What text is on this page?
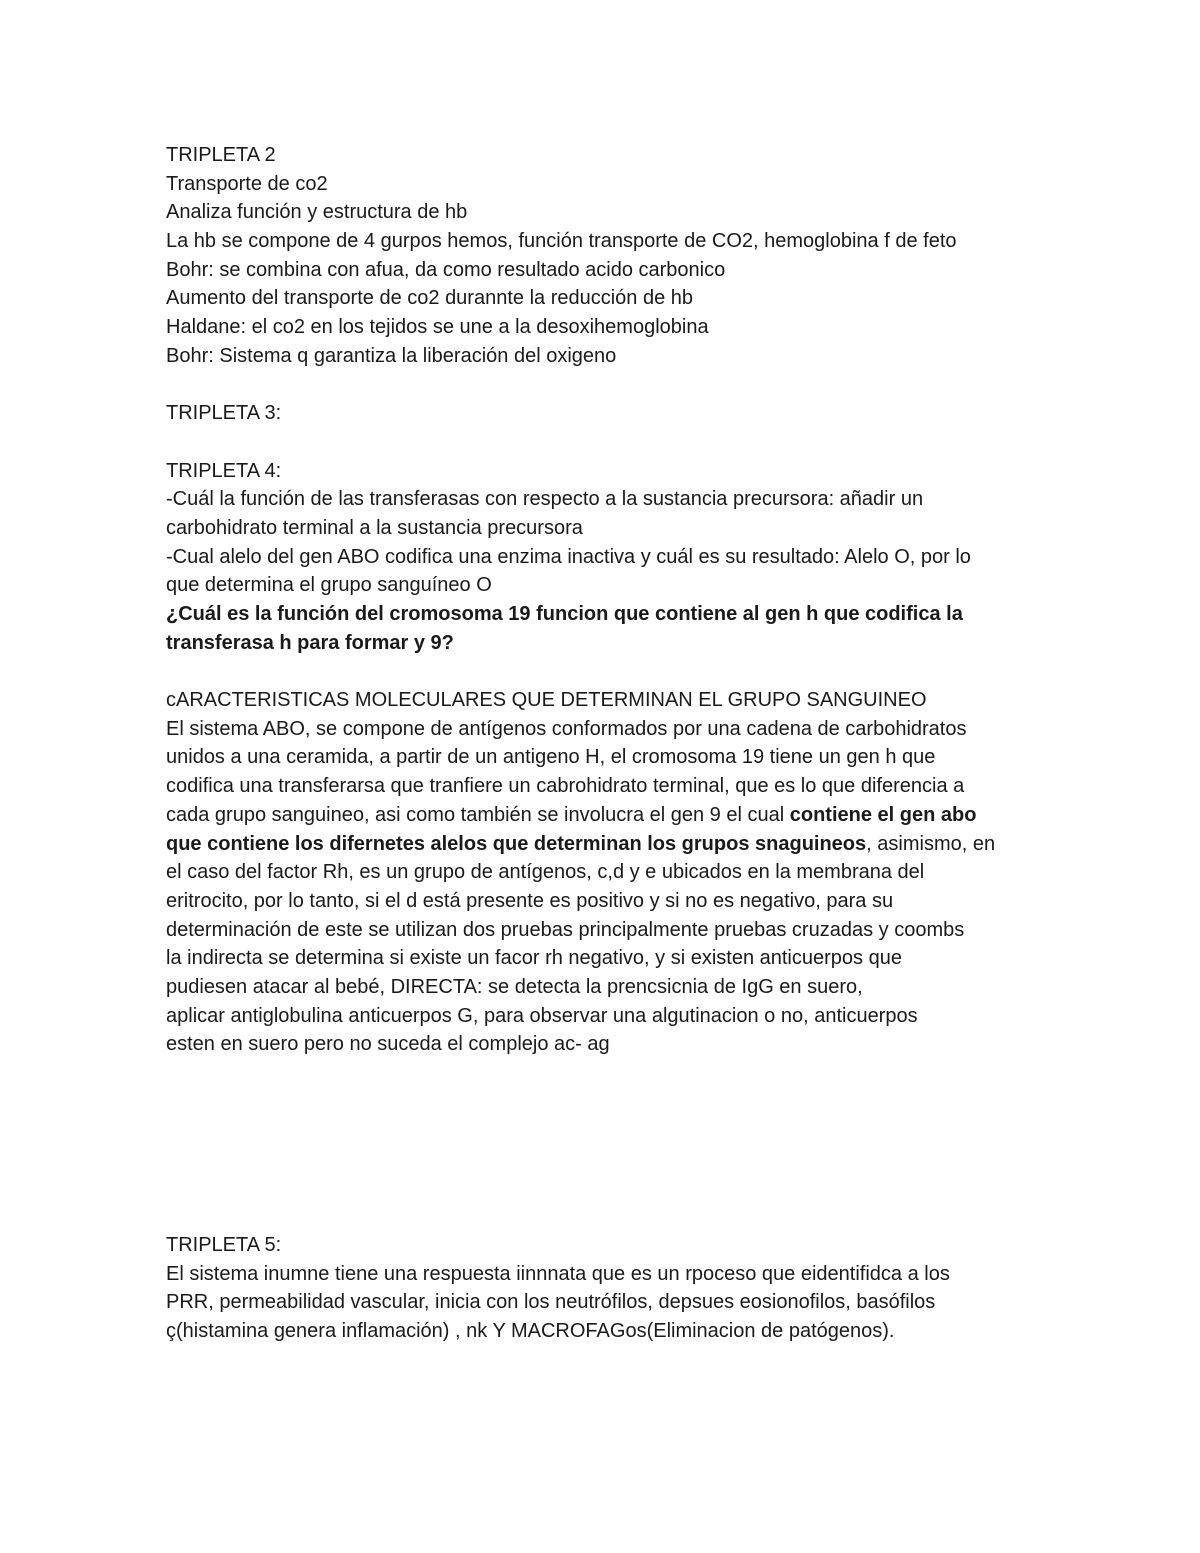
TRIPLETA 2
Transporte de co2
Analiza función y estructura de hb
La hb se compone de 4 gurpos hemos, función transporte de CO2, hemoglobina f de feto
Bohr: se combina con afua, da como resultado acido carbonico
Aumento del transporte de co2 durannte la reducción de hb
Haldane: el co2 en los tejidos se une a la desoxihemoglobina
Bohr: Sistema q garantiza la liberación del oxigeno
TRIPLETA 3:
TRIPLETA 4:
-Cuál la función de las transferasas con respecto a la sustancia precursora: añadir un
carbohidrato terminal a la sustancia precursora
-Cual alelo del gen ABO codifica una enzima inactiva y cuál es su resultado: Alelo O, por lo
que determina el grupo sanguíneo O
¿Cuál es la función del cromosoma 19 funcion que contiene al gen h que codifica la
transferasa h para formar y 9?
cARACTERISTICAS MOLECULARES QUE DETERMINAN EL GRUPO SANGUINEO
El sistema ABO, se compone de antígenos conformados por una cadena de carbohidratos
unidos a una ceramida, a partir de un antigeno H, el cromosoma 19 tiene un gen h que
codifica una transferarsa que tranfiere un cabrohidrato terminal, que es lo que diferencia a
cada grupo sanguineo, asi como también se involucra el gen 9 el cual contiene el gen abo
que contiene los difernetes alelos que determinan los grupos snaguineos, asimismo, en
el caso del factor Rh, es un grupo de antígenos, c,d y e ubicados en la membrana del
eritrocito, por lo tanto, si el d está presente es positivo y si no es negativo, para su
determinación de este se utilizan dos pruebas principalmente pruebas cruzadas y coombs
la indirecta se determina si existe un facor rh negativo, y si existen anticuerpos que
pudiesen atacar al bebé, DIRECTA: se detecta la prencsicnia de IgG en suero,
aplicar antiglobulina anticuerpos G, para observar una algutinacion o no, anticuerpos
esten en suero pero no suceda el complejo ac- ag
TRIPLETA 5:
El sistema inumne tiene una respuesta iinnnata que es un rpoceso que eidentifidca a los
PRR, permeabilidad vascular, inicia con los neutrófilos, depsues eosionofilos, basófilos
ç(histamina genera inflamación) , nk Y MACROFAGos(Eliminacion de patógenos).
